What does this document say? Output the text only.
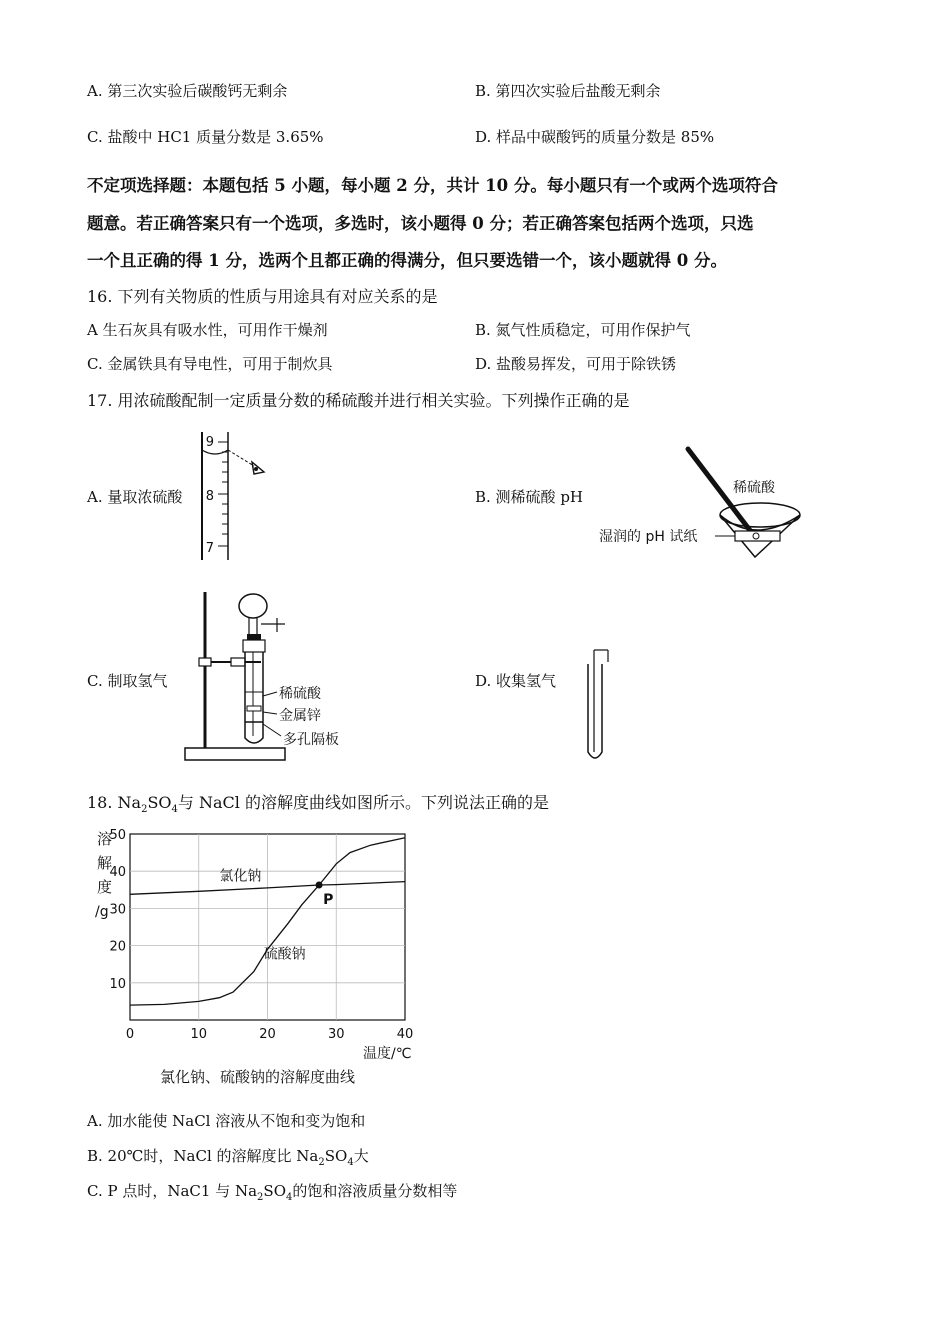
A. 第三次实验后碳酸钙无剩余	B. 第四次实验后盐酸无剩余
C. 盐酸中 HC1 质量分数是 3.65%	D. 样品中碳酸钙的质量分数是 85%
不定项选择题：本题包括 5 小题，每小题 2 分，共计 10 分。每小题只有一个或两个选项符合
题意。若正确答案只有一个选项，多选时，该小题得 0 分；若正确答案包括两个选项，只选
一个且正确的得 1 分，选两个且都正确的得满分，但只要选错一个，该小题就得 0 分。
16. 下列有关物质的性质与用途具有对应关系的是
A 生石灰具有吸水性，可用作干燥剂	B. 氮气性质稳定，可用作保护气
C. 金属铁具有导电性，可用于制炊具	D. 盐酸易挥发，可用于除铁锈
17. 用浓硫酸配制一定质量分数的稀硫酸并进行相关实验。下列操作正确的是
A. 量取浓硫酸	B. 测稀硫酸 pH
C. 制取氢气	D. 收集氢气
9
8
7
稀硫酸
湿润的 pH 试纸
稀硫酸
金属锌
多孔隔板
18. $Na_2SO_4$与 NaCl 的溶解度曲线如图所示。下列说法正确的是
溶
解
度
/g
0	10	20	30	40
10
20
30
40
50
氯化钠
硫酸钠
P
温度/℃
氯化钠、硫酸钠的溶解度曲线
A. 加水能使 NaCl 溶液从不饱和变为饱和
B. 20℃时，NaCl 的溶解度比 $Na_2SO_4$大
C. P 点时，NaC1 与 $Na_2SO_4$的饱和溶液质量分数相等
